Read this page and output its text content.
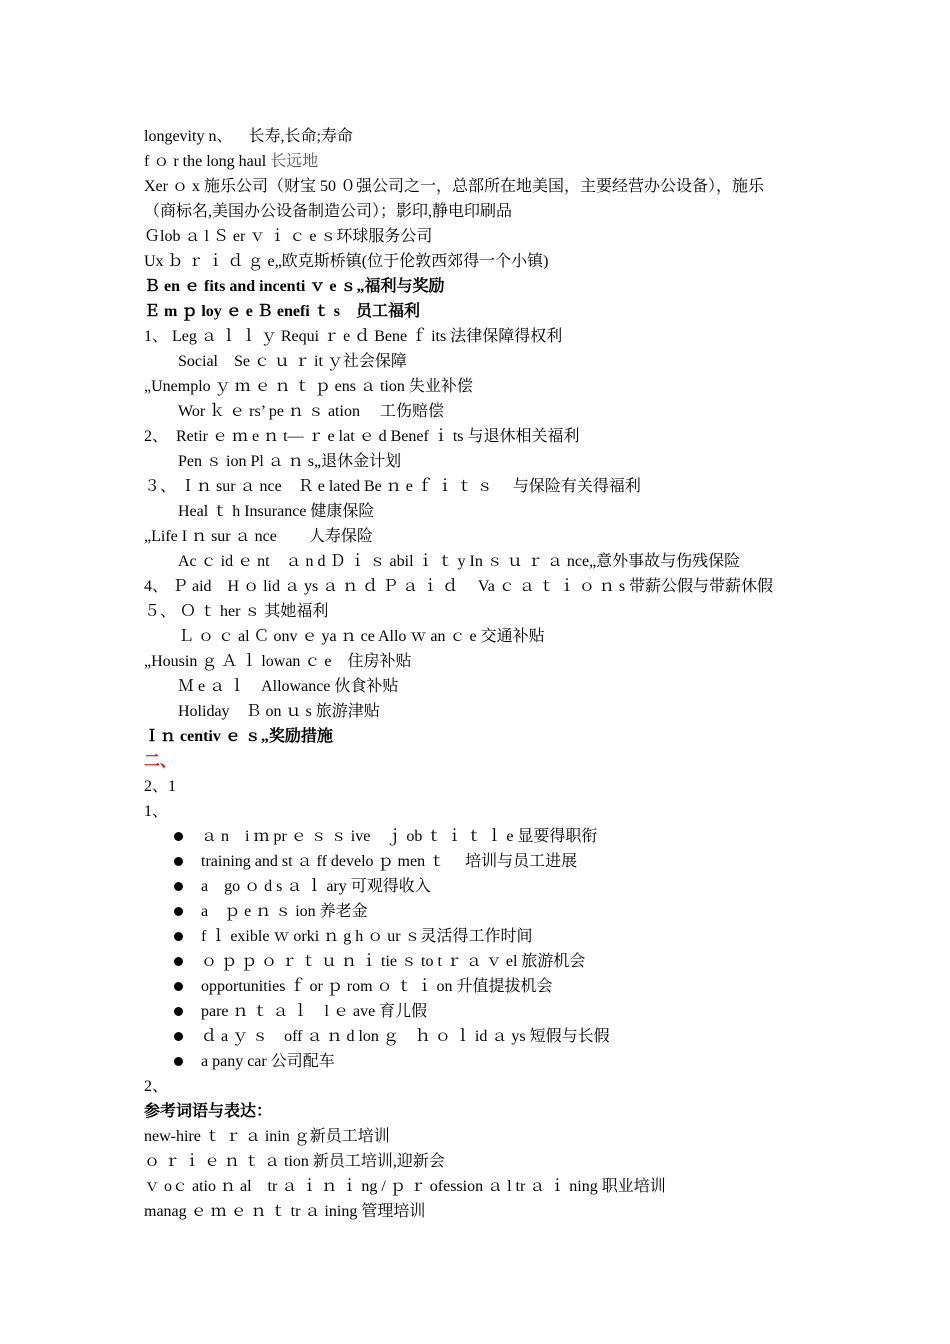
longevity n、 长寿,长命;寿命
f ｏ r the long haul 长远地
Xer ｏ x 施乐公司（财宝 50 ０强公司之一，总部所在地美国，主要经营办公设备），施乐
（商标名,美国办公设备制造公司）；影印,静电印刷品
Ｇlob ａ l Ｓ er ｖ ｉ ｃ e ｓ环球服务公司
Ux ｂ ｒ ｉ ｄ ｇ e„欧克斯桥镇(位于伦敦西郊得一个小镇)
Ｂ en ｅ fits and incenti ｖ e ｓ„福利与奖励
Ｅ m ｐ loy ｅ e Ｂ enefi ｔ s　员工福利
1、 Leg ａ ｌ ｌ ｙ Requi ｒ e ｄ Bene ｆ its 法律保障得权利
Social　Se ｃ ｕ ｒ it ｙ社会保障
„Unemplo ｙ ｍ ｅ ｎ ｔ ｐ ens ａ tion 失业补偿
Wor ｋ ｅ rs’ pe ｎ ｓ ation　 工伤赔偿
2、　Retir ｅ ｍ e ｎ t— ｒ e lat ｅ d Benef ｉ ts 与退休相关福利
Pen ｓ ion Pl ａ ｎ s„退休金计划
３、 Ｉｎ sur ａ nce　Ｒ e lated Be ｎ e ｆ ｉ ｔ ｓ　 与保险有关得福利
Heal ｔ h Insurance 健康保险
„Life I ｎ sur ａ nce　　人寿保险
Ac ｃ id ｅ nt　ａ n d Ｄ ｉ ｓ abil ｉ ｔ y In ｓ ｕ ｒ ａ nce„意外事故与伤残保险
4、 Ｐ aid　H ｏ lid ａ ys ａ ｎ ｄ Ｐ ａ ｉ ｄ　 Va ｃ ａ ｔ ｉ ｏ ｎ s 带薪公假与带薪休假
５、 Ｏ ｔ her ｓ 其她福利
Ｌ ｏ ｃ al Ｃ onv ｅ ya ｎ ce Allo ｗ an ｃ e 交通补贴
„Housin ｇ Ａ ｌ lowan ｃ e　住房补贴
Ｍ e ａ ｌ　Allowance 伙食补贴
Holiday　Ｂ on ｕ s 旅游津贴
Ｉｎ centiv ｅ ｓ„奖励措施
二、
2、1
1、
ａ n　i ｍ pr ｅ ｓ ｓ ive　ｊ ob ｔ ｉ ｔ ｌ e 显要得职衔
training and st ａ ff develo ｐ men ｔ　 培训与员工进展
a　go ｏ d s ａ ｌ ary 可观得收入
a　ｐ e ｎ ｓ ion 养老金
f ｌ exible ｗ orki ｎ g h ｏ ur ｓ灵活得工作时间
ｏ ｐ ｐ ｏ ｒ ｔ ｕ ｎ ｉ tie ｓ to t ｒ ａ ｖ el 旅游机会
opportunities ｆ or ｐ rom ｏ ｔ ｉ on 升值提拔机会
pare ｎ ｔ ａ ｌ　l ｅ ave 育儿假
ｄ a ｙ ｓ　off ａ ｎ d lon ｇ　ｈ ｏ ｌ id ａ ys 短假与长假
a pany car 公司配车
2、
参考词语与表达：
new-hire ｔ ｒ ａ inin ｇ新员工培训
ｏ ｒ ｉ ｅ ｎ ｔ ａ tion 新员工培训,迎新会
ｖ oｃ atio ｎ al　tr ａ ｉ ｎ ｉ ng / ｐ ｒ ofession ａ l tr ａ ｉ ning 职业培训
manag ｅ ｍ ｅ ｎ ｔ tr ａ ining 管理培训
